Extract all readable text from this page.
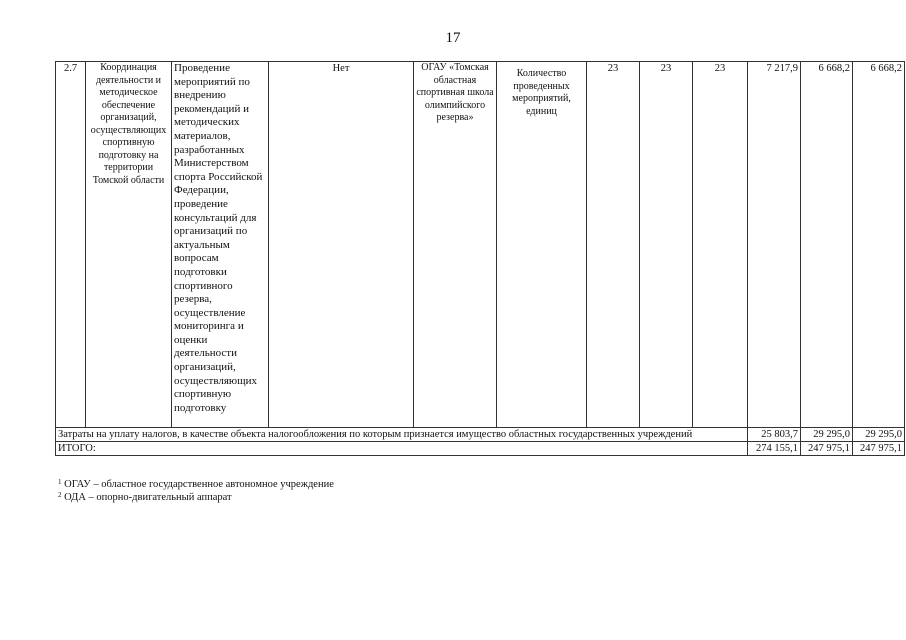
17
2.7	Координация деятельности и методическое обеспечение организаций, осуществляющих спортивную подготовку на территории Томской области	Проведение мероприятий по внедрению рекомендаций и методических материалов, разработанных Министерством спорта Российской Федерации, проведение консультаций для организаций по актуальным вопросам подготовки спортивного резерва, осуществление мониторинга и оценки деятельности организаций, осуществляющих спортивную подготовку	Нет	ОГАУ «Томская областная спортивная школа олимпийского резерва»	Количество проведенных мероприятий, единиц	23	23	23	7 217,9	6 668,2	6 668,2
Затраты на уплату налогов, в качестве объекта налогообложения по которым признается имущество областных государственных учреждений									25 803,7	29 295,0	29 295,0
ИТОГО:									274 155,1	247 975,1	247 975,1
$^1$ ОГАУ – областное государственное автономное учреждение
$^2$ ОДА – опорно-двигательный аппарат
